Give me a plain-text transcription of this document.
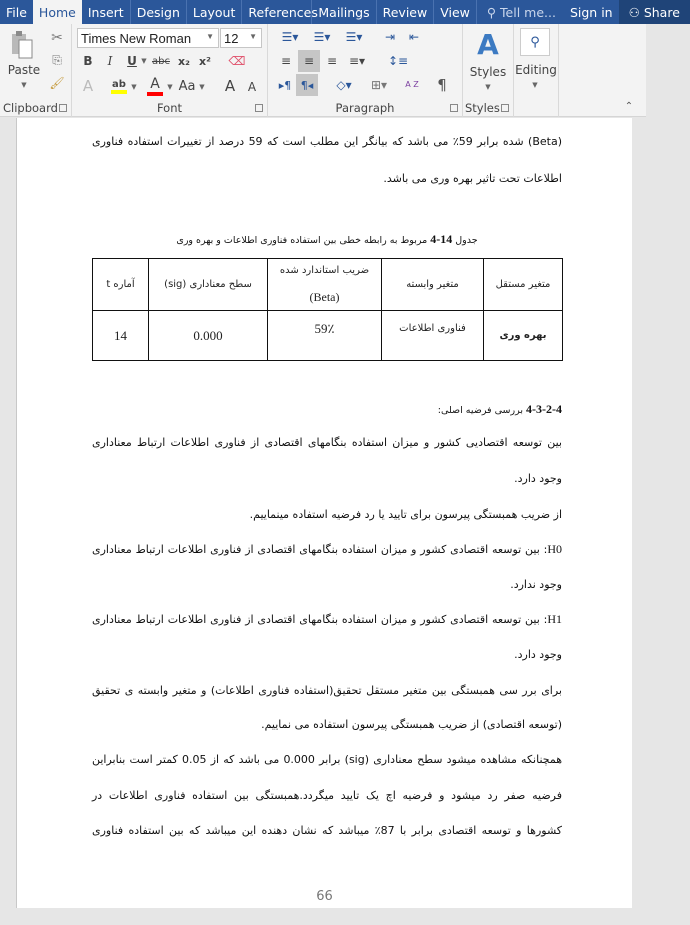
File Home Insert	Design	Layout	References Mailings	Review	View	⚲ Tell me...	Sign in	⚇ Share
Paste
▼
✂
⎘
🖌
Clipboard
Times New Roman ▼ 12 ▼
B	I	U ▼ abc x₂ x² ⌫
A ab ▼ A ▼ Aa ▼ A	A
Font
☰▾	☰▾	☰▾	⇥	⇤
≡	≡	≡ ≡▾	↕≡
▸ ¶ ¶ ◂	◇▾	⊞▾	A Z	¶
Paragraph
A
Styles
▼
Styles
⚲
Editing
▼
⌃
(Beta) شده برابر 59٪ می باشد که بیانگر این مطلب است که 59 درصد از تغییرات استفاده فناوری
اطلاعات تحت تاثیر بهره وری می باشد.
جدول 4-14 مربوط به رابطه خطی بین استفاده فناوری اطلاعات و بهره وری
متغیر مستقل	متغیر وابسته	ضریب استاندارد شده
(Beta)	سطح معناداری (sig)	آماره t
بهره وری	فناوری اطلاعات	59٪	0.000	14
4-3-2-4 بررسی فرضیه اصلی:
بین توسعه اقتصادیی کشور و میزان استفاده بنگامهای اقتصادی از فناوری اطلاعات ارتباط معناداری
وجود دارد.
از ضریب همبستگی پیرسون برای تایید یا رد فرضیه استفاده مینماییم.
H0: بین توسعه اقتصادی کشور و میزان استفاده بنگامهای اقتصادی از فناوری اطلاعات ارتباط معناداری
وجود ندارد.
H1: بین توسعه اقتصادی کشور و میزان استفاده بنگامهای اقتصادی از فناوری اطلاعات ارتباط معناداری
وجود دارد.
برای برر سی همبستگی بین متغیر مستقل تحقیق(استفاده فناوری اطلاعات) و متغیر وابسته ی تحقیق
(توسعه اقتصادی) از ضریب همبستگی پیرسون استفاده می نماییم.
همچنانکه مشاهده میشود سطح معناداری (sig) برابر 0.000 می باشد که از 0.05 کمتر است بنابراین
فرضیه صفر رد میشود و فرضیه اچ یک تایید میگردد.همبستگی بین استفاده فناوری اطلاعات در
کشورها و توسعه اقتصادی برابر با 87٪ میباشد که نشان دهنده این میباشد که بین استفاده فناوری
66
